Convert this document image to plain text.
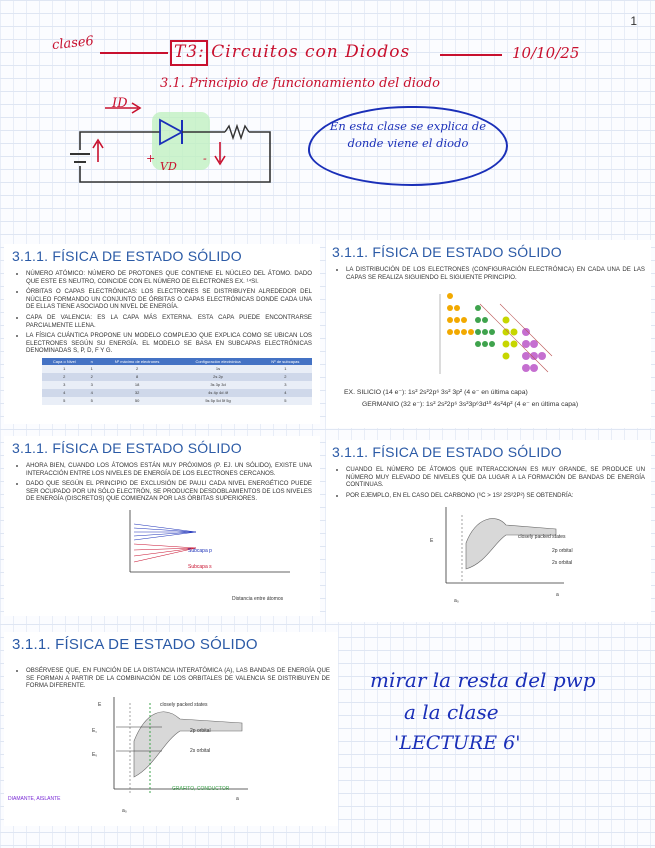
1
clase6	T3: Circuitos con Diodos	10/10/25
3.1. Principio de funcionamiento del diodo
ID
VD
+	-
En esta clase se explica de donde viene el diodo
3.1.1. FÍSICA DE ESTADO SÓLIDO
• NÚMERO ATÓMICO: NÚMERO DE PROTONES QUE CONTIENE EL NÚCLEO DEL ÁTOMO. DADO QUE ESTE ES NEUTRO, COINCIDE CON EL NÚMERO DE ELECTRONES EX. ¹⁴SI.
• ÓRBITAS O CAPAS ELECTRÓNICAS: LOS ELECTRONES SE DISTRIBUYEN ALREDEDOR DEL NÚCLEO FORMANDO UN CONJUNTO DE ÓRBITAS O CAPAS ELECTRÓNICAS DONDE CADA UNA DE ELLAS TIENE ASOCIADO UN NIVEL DE ENERGÍA.
• CAPA DE VALENCIA: ES LA CAPA MÁS EXTERNA. ESTA CAPA PUEDE ENCONTRARSE PARCIALMENTE LLENA.
• LA FÍSICA CUÁNTICA PROPONE UN MODELO COMPLEJO QUE EXPLICA COMO SE UBICAN LOS ELECTRONES SEGÚN SU ENERGÍA. EL MODELO SE BASA EN SUBCAPAS ELECTRÓNICAS DENOMINADAS S, P, D, F Y G.
Capa o Nivel	n	Nº máximo de electrones	Configuración electrónica	Nº de subcapas
1	1	2	1s	1
2	2	8	2s 2p	2
3	3	18	3s 3p 3d	3
4	4	32	4s 4p 4d 4f	4
5	5	50	5s 5p 5d 5f 5g	5
3.1.1. FÍSICA DE ESTADO SÓLIDO
• LA DISTRIBUCIÓN DE LOS ELECTRONES (CONFIGURACIÓN ELECTRÓNICA) EN CADA UNA DE LAS CAPAS SE REALIZA SIGUIENDO EL SIGUIENTE PRINCIPIO.
EX. SILICIO (14 e⁻): 1s² 2s²2p⁶ 3s² 3p² (4 e⁻ en última capa)
GERMANIO (32 e⁻): 1s² 2s²2p⁶ 3s²3p⁶3d¹⁰ 4s²4p² (4 e⁻ en última capa)
3.1.1. FÍSICA DE ESTADO SÓLIDO
• AHORA BIEN, CUANDO LOS ÁTOMOS ESTÁN MUY PRÓXIMOS (P. EJ. UN SÓLIDO), EXISTE UNA INTERACCIÓN ENTRE LOS NIVELES DE ENERGÍA DE LOS ELECTRONES CERCANOS.
• DADO QUE SEGÚN EL PRINCIPIO DE EXCLUSIÓN DE PAULI CADA NIVEL ENERGÉTICO PUEDE SER OCUPADO POR UN SÓLO ELECTRÓN, SE PRODUCEN DESDOBLAMIENTOS DE LOS NIVELES DE ENERGÍA (DISCRETOS) QUE COMIENZAN POR LAS ÓRBITAS SUPERIORES.
Subcapa p
Subcapa s
Distancia entre átomos
3.1.1. FÍSICA DE ESTADO SÓLIDO
• CUANDO EL NÚMERO DE ÁTOMOS QUE INTERACCIONAN ES MUY GRANDE, SE PRODUCE UN NÚMERO MUY ELEVADO DE NIVELES QUE DA LUGAR A LA FORMACIÓN DE BANDAS DE ENERGÍA CONTINUAS.
• POR EJEMPLO, EN EL CASO DEL CARBONO (⁶C > 1S² 2S²2P²) SE OBTENDRÍA:
closely packed states
2p orbital
2s orbital
E
a
a₀
3.1.1. FÍSICA DE ESTADO SÓLIDO
• OBSÉRVESE QUE, EN FUNCIÓN DE LA DISTANCIA INTERATÓMICA (A), LAS BANDAS DE ENERGÍA QUE SE FORMAN A PARTIR DE LA COMBINACIÓN DE LOS ORBITALES DE VALENCIA SE DISTRIBUYEN DE FORMA DIFERENTE.
closely packed states
2p orbital
2s orbital
E
E꜀
Eᵥ
a
a₀
DIAMANTE, AISLANTE
GRAFITO, CONDUCTOR
mirar la resta del pwp
a la clase
'LECTURE 6'
